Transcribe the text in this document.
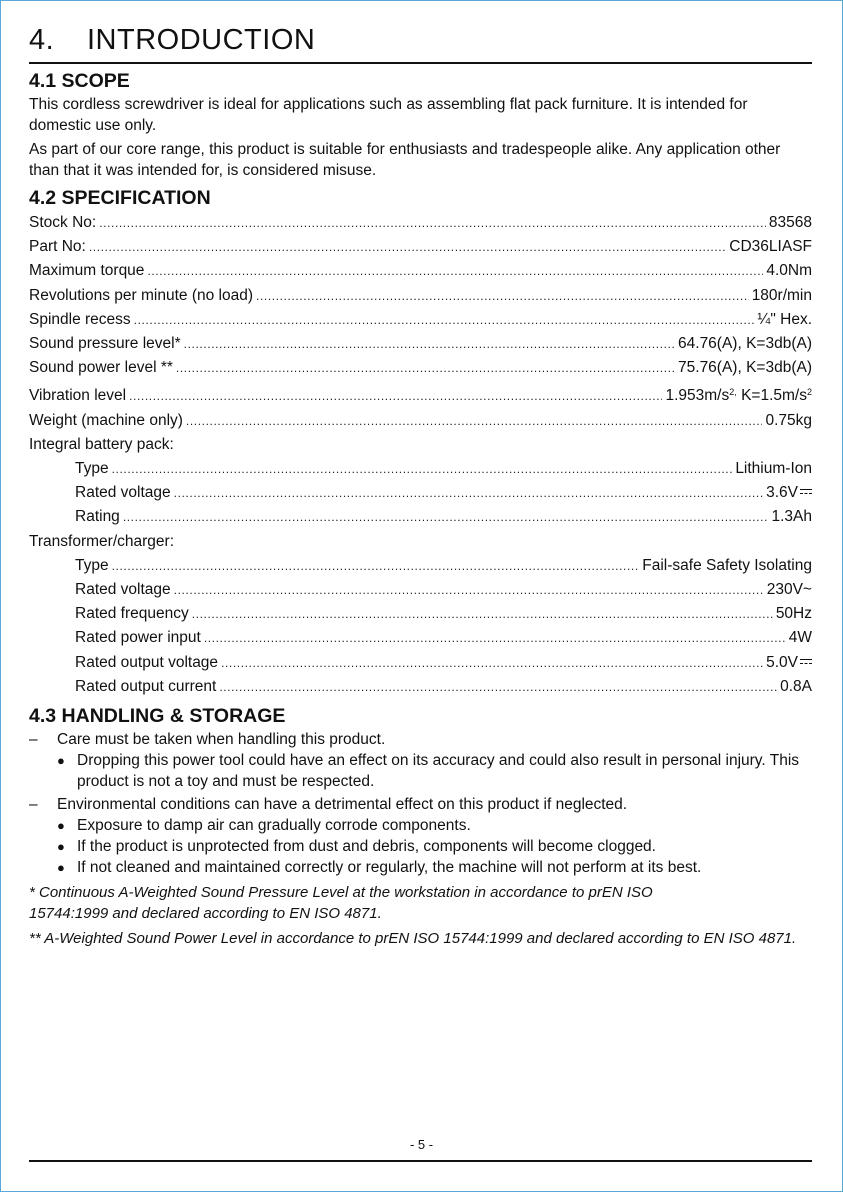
4. INTRODUCTION
4.1 SCOPE

This cordless screwdriver is ideal for applications such as assembling flat pack furniture. It is intended for domestic use only.

As part of our core range, this product is suitable for enthusiasts and tradespeople alike. Any application other than that it was intended for, is considered misuse.

4.2 SPECIFICATION
Stock No: .....	83568
Part No: .....	CD36LIASF
Maximum torque .....	4.0Nm
Revolutions per minute (no load) .....	180r/min
Spindle recess .....	¼" Hex.
Sound pressure level* .....	64.76(A), K=3db(A)
Sound power level ** .....	75.76(A), K=3db(A)
Vibration level .....	$1.953m/s^{2,}$ $K=1.5m/s^2$
Weight (machine only) .....	0.75kg
Integral battery pack:
Type .....	Lithium-Ion
Rated voltage .....	3.6V
Rating .....	1.3Ah
Transformer/charger:
Type .....	Fail-safe Safety Isolating
Rated voltage .....	230V~
Rated frequency .....	50Hz
Rated power input .....	4W
Rated output voltage .....	5.0V
Rated output current .....	0.8A
4.3 HANDLING & STORAGE
–	Care must be taken when handling this product.
● Dropping this power tool could have an effect on its accuracy and could also result in personal injury. This product is not a toy and must be respected.
–	Environmental conditions can have a detrimental effect on this product if neglected.
● Exposure to damp air can gradually corrode components.
● If the product is unprotected from dust and debris, components will become clogged.
● If not cleaned and maintained correctly or regularly, the machine will not perform at its best.

* Continuous A-Weighted Sound Pressure Level at the workstation in accordance to prEN ISO 15744:1999 and declared according to EN ISO 4871.

** A-Weighted Sound Power Level in accordance to prEN ISO 15744:1999 and declared according to EN ISO 4871.

- 5 -
